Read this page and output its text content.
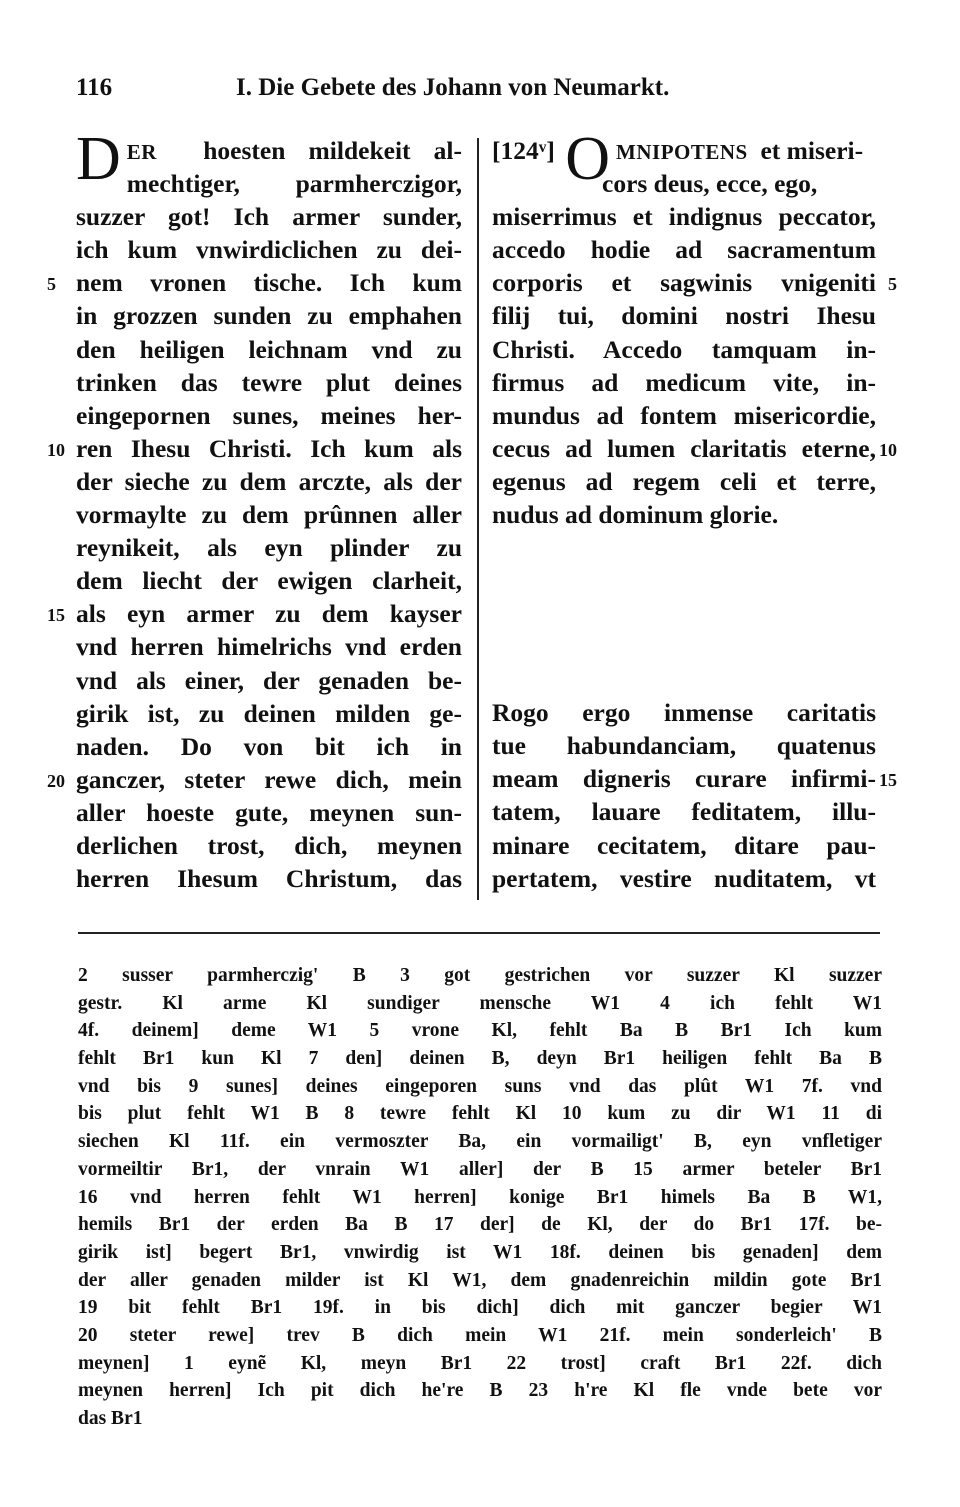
116	I. Die Gebete des Johann von Neumarkt.
D ER hoesten mildekeit al-
mechtiger, parmherczigor,
suzzer got! Ich armer sunder,
ich kum vnwirdiclichen zu dei-
nem vronen tische. Ich kum
5
in grozzen sunden zu emphahen
den heiligen leichnam vnd zu
trinken das tewre plut deines
eingepornen sunes, meines her-
ren Ihesu Christi. Ich kum als
10
der sieche zu dem arczte, als der
vormaylte zu dem prûnnen aller
reynikeit, als eyn plinder zu
dem liecht der ewigen clarheit,
als eyn armer zu dem kayser
15
vnd herren himelrichs vnd erden
vnd als einer, der genaden be-
girik ist, zu deinen milden ge-
naden. Do von bit ich in
ganczer, steter rewe dich, mein
20
aller hoeste gute, meynen sun-
derlichen trost, dich, meynen
herren Ihesum Christum, das
[124ᵛ] O MNIPOTENS et miseri-
cors deus, ecce, ego,
miserrimus et indignus peccator,
accedo hodie ad sacramentum
corporis et sagwinis vnigeniti 5
filij tui, domini nostri Ihesu
Christi. Accedo tamquam in-
firmus ad medicum vite, in-
mundus ad fontem misericordie,
cecus ad lumen claritatis eterne, 10
egenus ad regem celi et terre,
nudus ad dominum glorie.
Rogo ergo inmense caritatis
tue habundanciam, quatenus
meam digneris curare infirmi- 15
tatem, lauare feditatem, illu-
minare cecitatem, ditare pau-
pertatem, vestire nuditatem, vt
2 susser parmherczig' B 3 got gestrichen vor suzzer Kl suzzer
gestr. Kl arme Kl sundiger mensche W1 4 ich fehlt W1
4f. deinem] deme W1 5 vrone Kl, fehlt Ba B Br1 Ich kum
fehlt Br1 kun Kl 7 den] deinen B, deyn Br1 heiligen fehlt Ba B
vnd bis 9 sunes] deines eingeporen suns vnd das plût W1 7f. vnd
bis plut fehlt W1 B 8 tewre fehlt Kl 10 kum zu dir W1 11 di
siechen Kl 11f. ein vermoszter Ba, ein vormailigt' B, eyn vnfletiger
vormeiltir Br1, der vnrain W1 aller] der B 15 armer beteler Br1
16 vnd herren fehlt W1 herren] konige Br1 himels Ba B W1,
hemils Br1 der erden Ba B 17 der] de Kl, der do Br1 17f. be-
girik ist] begert Br1, vnwirdig ist W1 18f. deinen bis genaden] dem
der aller genaden milder ist Kl W1, dem gnadenreichin mildin gote Br1
19 bit fehlt Br1 19f. in bis dich] dich mit ganczer begier W1
20 steter rewe] trev B dich mein W1 21f. mein sonderleich' B
meynen] 1 eynẽ Kl, meyn Br1 22 trost] craft Br1 22f. dich
meynen herren] Ich pit dich he're B 23 h're Kl fle vnde bete vor
das Br1
